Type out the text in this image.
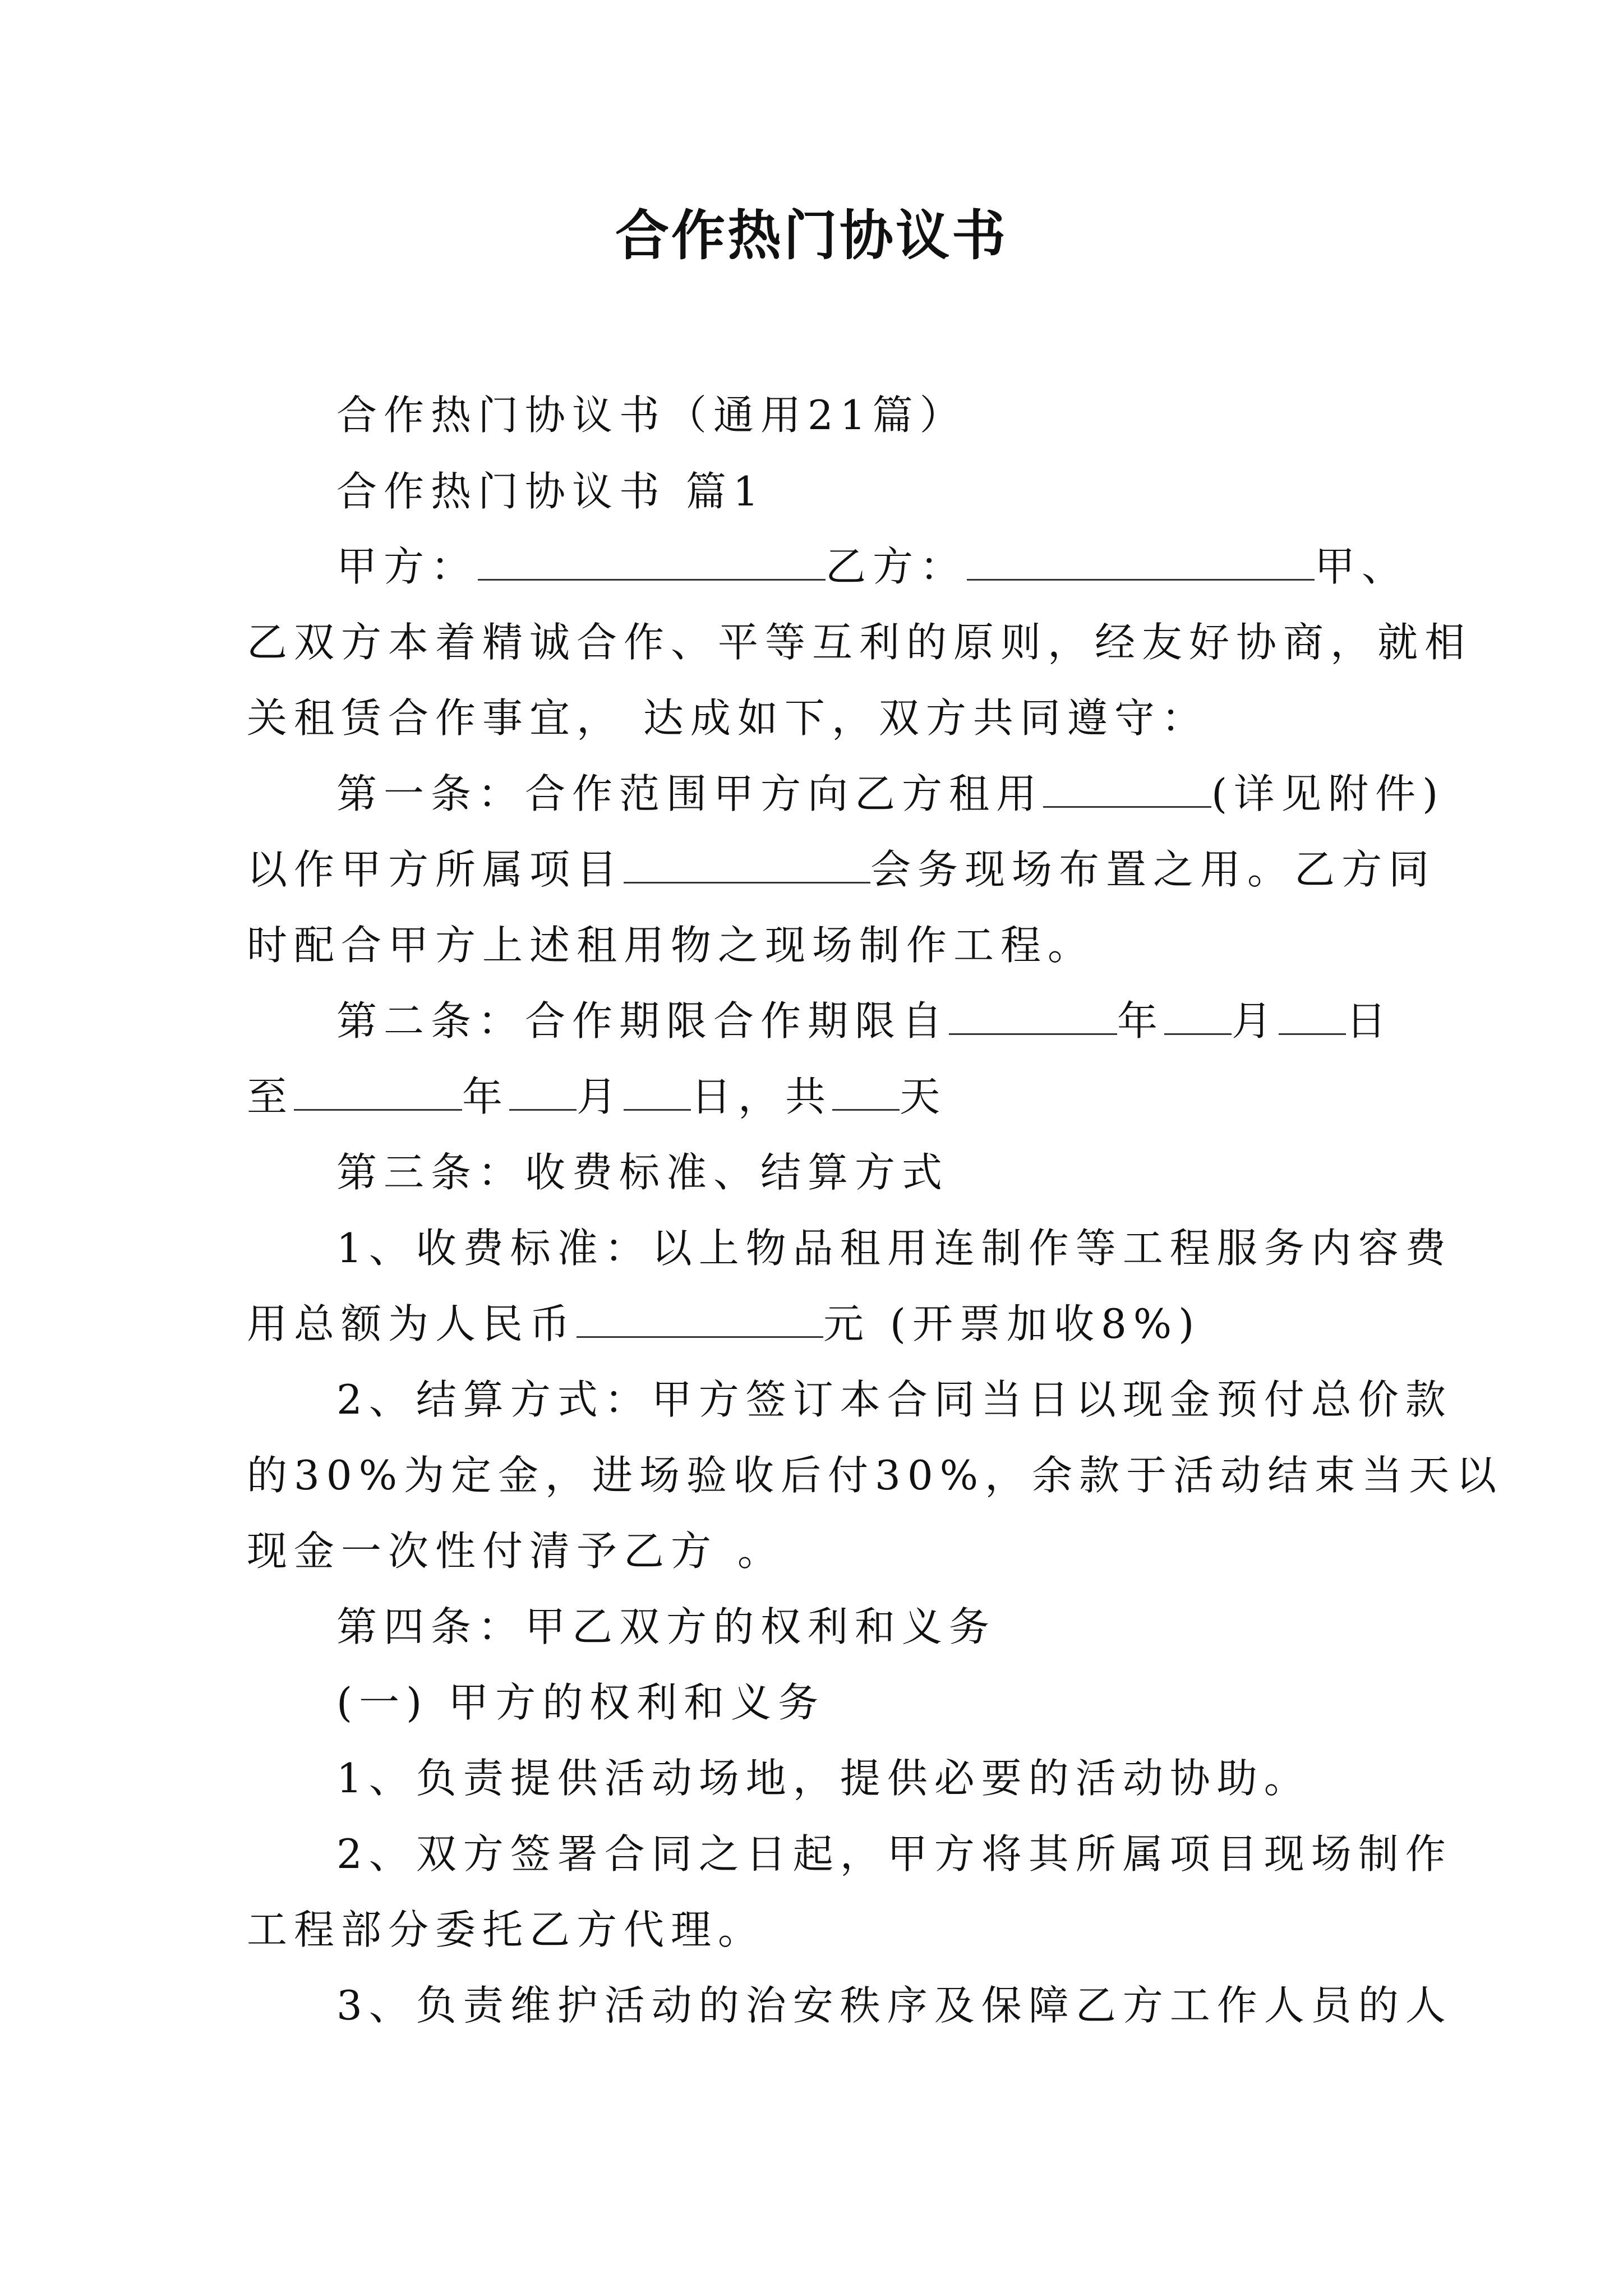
合作热门协议书
合作热门协议书（通用21篇）
合作热门协议书 篇1
甲方：	乙方：	甲、
乙双方本着精诚合作、平等互利的原则，经友好协商，就相
关租赁合作事宜， 达成如下，双方共同遵守：
第一条：合作范围甲方向乙方租用	(详见附件)
以作甲方所属项目	会务现场布置之用。乙方同
时配合甲方上述租用物之现场制作工程。
第二条：合作期限合作期限自	年 月 日
至	年 月 日，共 天
第三条：收费标准、结算方式
1、收费标准：以上物品租用连制作等工程服务内容费
用总额为人民币	元 (开票加收8%)
2、结算方式：甲方签订本合同当日以现金预付总价款
的30%为定金，进场验收后付30%，余款于活动结束当天以
现金一次性付清予乙方 。
第四条：甲乙双方的权利和义务
(一) 甲方的权利和义务
1、负责提供活动场地，提供必要的活动协助。
2、双方签署合同之日起，甲方将其所属项目现场制作
工程部分委托乙方代理。
3、负责维护活动的治安秩序及保障乙方工作人员的人
